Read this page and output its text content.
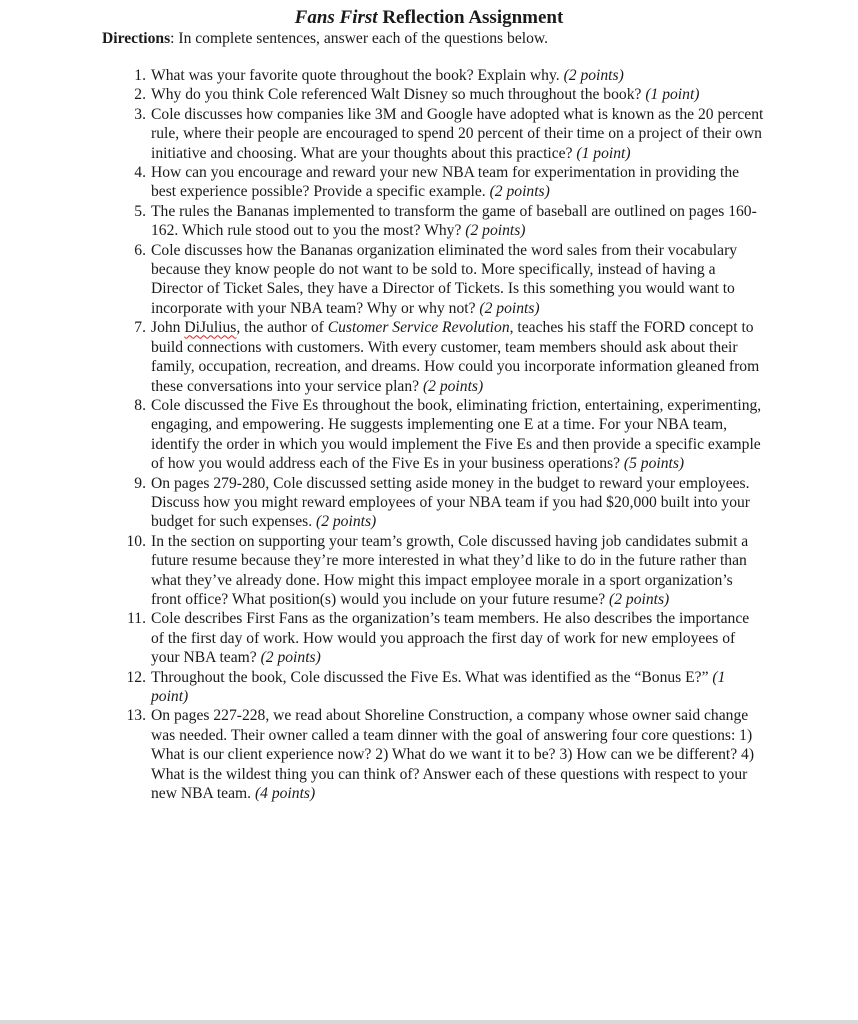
Fans First Reflection Assignment
Directions: In complete sentences, answer each of the questions below.
1. What was your favorite quote throughout the book? Explain why. (2 points)
2. Why do you think Cole referenced Walt Disney so much throughout the book? (1 point)
3. Cole discusses how companies like 3M and Google have adopted what is known as the 20 percent rule, where their people are encouraged to spend 20 percent of their time on a project of their own initiative and choosing. What are your thoughts about this practice? (1 point)
4. How can you encourage and reward your new NBA team for experimentation in providing the best experience possible? Provide a specific example. (2 points)
5. The rules the Bananas implemented to transform the game of baseball are outlined on pages 160-162. Which rule stood out to you the most? Why? (2 points)
6. Cole discusses how the Bananas organization eliminated the word sales from their vocabulary because they know people do not want to be sold to. More specifically, instead of having a Director of Ticket Sales, they have a Director of Tickets. Is this something you would want to incorporate with your NBA team? Why or why not? (2 points)
7. John DiJulius, the author of Customer Service Revolution, teaches his staff the FORD concept to build connections with customers. With every customer, team members should ask about their family, occupation, recreation, and dreams. How could you incorporate information gleaned from these conversations into your service plan? (2 points)
8. Cole discussed the Five Es throughout the book, eliminating friction, entertaining, experimenting, engaging, and empowering. He suggests implementing one E at a time. For your NBA team, identify the order in which you would implement the Five Es and then provide a specific example of how you would address each of the Five Es in your business operations? (5 points)
9. On pages 279-280, Cole discussed setting aside money in the budget to reward your employees. Discuss how you might reward employees of your NBA team if you had $20,000 built into your budget for such expenses. (2 points)
10. In the section on supporting your team’s growth, Cole discussed having job candidates submit a future resume because they’re more interested in what they’d like to do in the future rather than what they’ve already done. How might this impact employee morale in a sport organization’s front office? What position(s) would you include on your future resume? (2 points)
11. Cole describes First Fans as the organization’s team members. He also describes the importance of the first day of work. How would you approach the first day of work for new employees of your NBA team? (2 points)
12. Throughout the book, Cole discussed the Five Es. What was identified as the “Bonus E?” (1 point)
13. On pages 227-228, we read about Shoreline Construction, a company whose owner said change was needed. Their owner called a team dinner with the goal of answering four core questions: 1) What is our client experience now? 2) What do we want it to be? 3) How can we be different? 4) What is the wildest thing you can think of? Answer each of these questions with respect to your new NBA team. (4 points)
